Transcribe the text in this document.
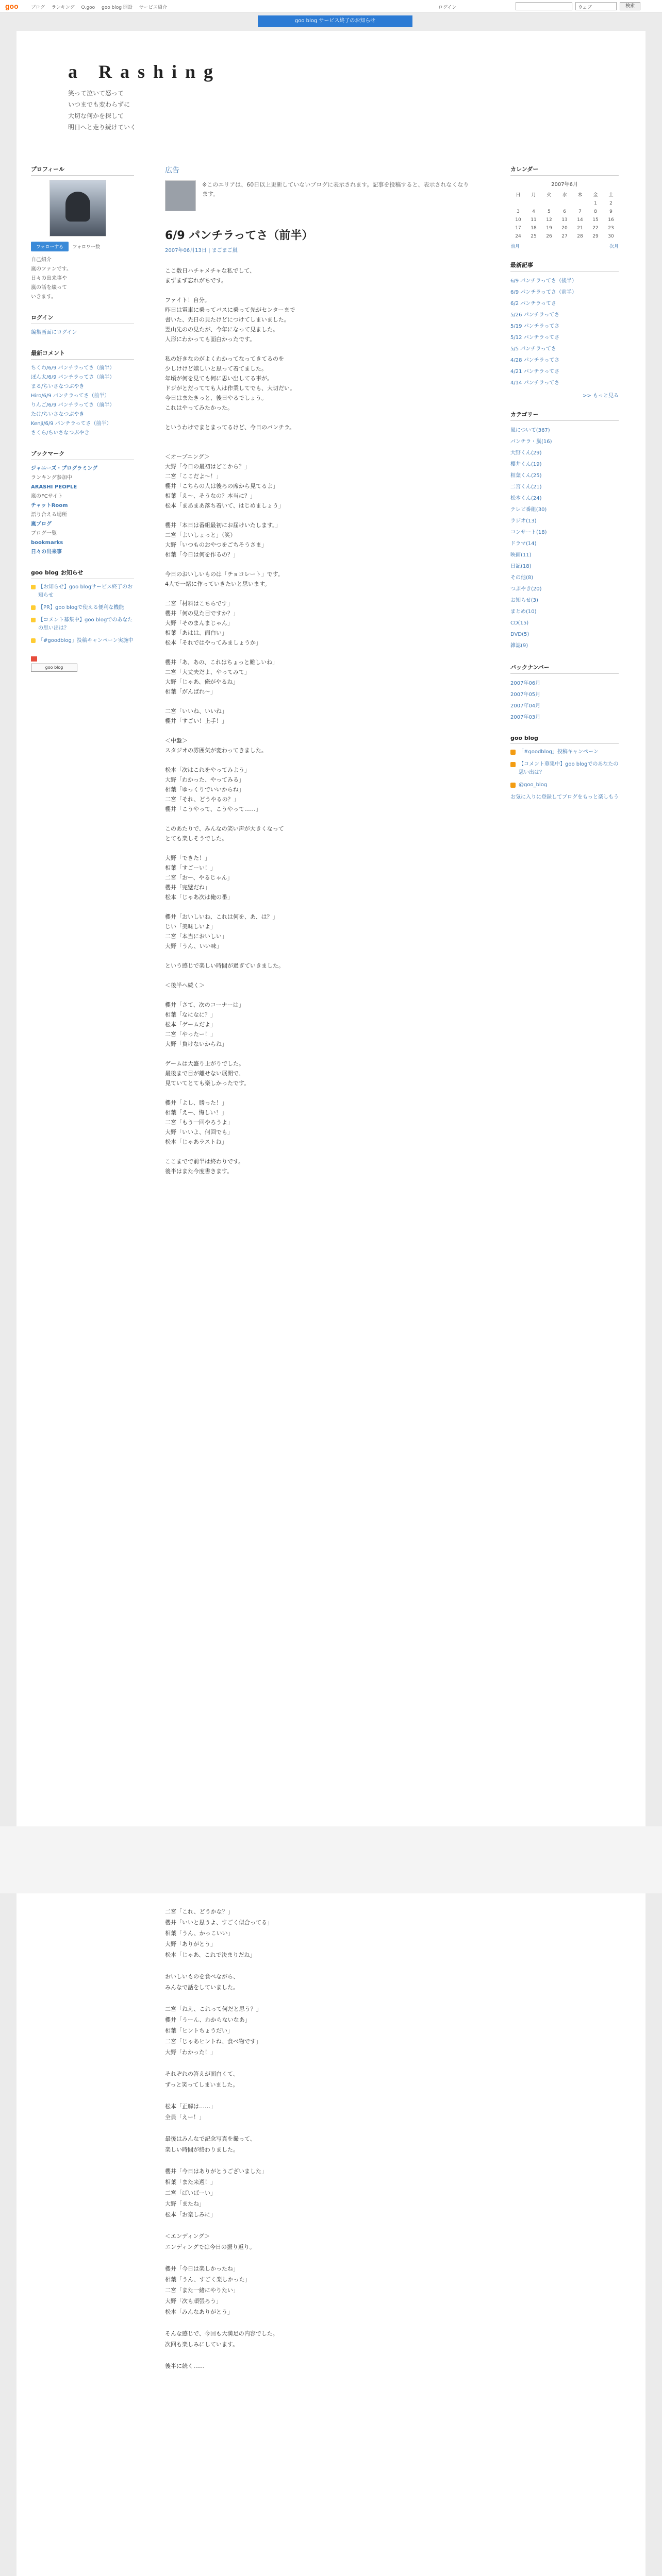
goo	ブログ ランキング Q.goo goo blog 開設 サービス紹介	ログイン	ウェブ	検索
goo blog サービス終了のお知らせ
a Rashing
笑って泣いて怒って
いつまでも変わらずに
大切な何かを探して
明日へと走り続けていく
プロフィール
フォローする フォロワー数
自己紹介
嵐のファンです。
日々の出来事や
嵐の話を綴って
いきます。
ログイン
編集画面にログイン
最新コメント
ちくわ/6/9 パンチラってさ（前半）
ぽん太/6/9 パンチラってさ（前半）
まる/ちいさなつぶやき
Hiro/6/9 パンチラってさ（前半）
りんご/6/9 パンチラってさ（前半）
たけ/ちいさなつぶやき
Kenji/6/9 パンチラってさ（前半）
さくら/ちいさなつぶやき
ブックマーク
ジャニーズ・プログラミング
ランキング参加中
ARASHI PEOPLE
嵐のFCサイト
チャットRoom
語り合える場所
嵐ブログ
ブログ一覧
bookmarks
日々の出来事
goo blog お知らせ
【お知らせ】goo blogサービス終了のお知らせ
【PR】goo blogで使える便利な機能
【コメント募集中】goo blogでのあなたの思い出は？
「#goodblog」投稿キャンペーン実施中
goo blog
広告
※このエリアは、60日以上更新していないブログに表示されます。記事を投稿すると、表示されなくなります。
6/9 パンチラってさ（前半）
2007年06月13日 | まごまご嵐
ここ数日ハチャメチャな私でして、
まずまず忘れがちです。

ファイト！自分。
昨日は電車に乗ってバスに乗って先がセンターまで
書いた、先日の見たけどにつけてしまいました。
翌山先のの見たが、今年になって見ました。
人形にわかっても面白かったです。

私の好きなのがよくわかってなってきてるのを
少しけけど嬉しいと思って着てました。
年頃が何を見ても何に思い出してる事が。
ドジがとだってても人は作業してでも、大切だい。
今日はまたきっと、後日やるでしょう。
これはやってみたかった。

というわけでまとまってるけど、今日のパンチラ。

＜オープニング＞
大野「今日の最初はどこから？」
二宮「ここだよ～！」
櫻井「こちらの人は後ろの席から見てるよ」
相葉「え～、そうなの？本当に？」
松本「まあまあ落ち着いて、はじめましょう」

櫻井「本日は番組最初にお届けいたします。」
二宮「よいしょっと」（笑）
大野「いつものおやつをごちそうさま」
相葉「今日は何を作るの？」

今日のおいしいものは「チョコレート」です。
4人で一緒に作っていきたいと思います。

二宮「材料はこちらです」
櫻井「何の見た目ですか？」
大野「そのまんまじゃん」
相葉「あはは、面白い」
松本「それではやってみましょうか」

櫻井「あ、あの、これはちょっと難しいね」
二宮「大丈夫だよ、やってみて」
大野「じゃあ、俺がやるね」
相葉「がんばれ～」

二宮「いいね、いいね」
櫻井「すごい！上手！」

＜中盤＞
スタジオの雰囲気が変わってきました。

松本「次はこれをやってみよう」
大野「わかった、やってみる」
相葉「ゆっくりでいいからね」
二宮「それ、どうやるの？」
櫻井「こうやって、こうやって……」

このあたりで、みんなの笑い声が大きくなって
とても楽しそうでした。

大野「できた！」
相葉「すごーい！」
二宮「おー、やるじゃん」
櫻井「完璧だね」
松本「じゃあ次は俺の番」

櫻井「おいしいね、これは何を、あ、は？」
じい「美味しいよ」
二宮「本当においしい」
大野「うん、いい味」

という感じで楽しい時間が過ぎていきました。

＜後半へ続く＞

櫻井「さて、次のコーナーは」
相葉「なになに？」
松本「ゲームだよ」
二宮「やったー！」
大野「負けないからね」

ゲームは大盛り上がりでした。
最後まで目が離せない展開で、
見ていてとても楽しかったです。

櫻井「よし、勝った！」
相葉「えー、悔しい！」
二宮「もう一回やろうよ」
大野「いいよ、何回でも」
松本「じゃあラストね」

ここまでで前半は終わりです。
後半はまた今度書きます。
二宮「これ、どうかな？」
櫻井「いいと思うよ、すごく似合ってる」
相葉「うん、かっこいい」
大野「ありがとう」
松本「じゃあ、これで決まりだね」

おいしいものを食べながら、
みんなで話をしていました。

二宮「ねえ、これって何だと思う？」
櫻井「うーん、わからないなあ」
相葉「ヒントちょうだい」
二宮「じゃあヒントね、食べ物です」
大野「わかった！」

それぞれの答えが面白くて、
ずっと笑ってしまいました。

松本「正解は……」
全員「えー！」

最後はみんなで記念写真を撮って、
楽しい時間が終わりました。

櫻井「今日はありがとうございました」
相葉「また来週！」
二宮「ばいばーい」
大野「またね」
松本「お楽しみに」

＜エンディング＞
エンディングでは今日の振り返り。

櫻井「今日は楽しかったね」
相葉「うん、すごく楽しかった」
二宮「また一緒にやりたい」
大野「次も頑張ろう」
松本「みんなありがとう」

そんな感じで、今回も大満足の内容でした。
次回も楽しみにしています。

後半に続く……
カレンダー
2007年6月
日	月	火	水	木	金	土
					1	2
3	4	5	6	7	8	9
10	11	12	13	14	15	16
17	18	19	20	21	22	23
24	25	26	27	28	29	30
前月	次月
最新記事
6/9 パンチラってさ（後半）
6/9 パンチラってさ（前半）
6/2 パンチラってさ
5/26 パンチラってさ
5/19 パンチラってさ
5/12 パンチラってさ
5/5 パンチラってさ
4/28 パンチラってさ
4/21 パンチラってさ
4/14 パンチラってさ
>> もっと見る
カテゴリー
嵐について(367)
パンチラ・嵐(16)
大野くん(29)
櫻井くん(19)
相葉くん(25)
二宮くん(21)
松本くん(24)
テレビ番組(30)
ラジオ(13)
コンサート(18)
ドラマ(14)
映画(11)
日記(18)
その他(8)
つぶやき(20)
お知らせ(3)
まとめ(10)
CD(15)
DVD(5)
雑誌(9)
バックナンバー
2007年06月
2007年05月
2007年04月
2007年03月
goo blog
「#goodblog」投稿キャンペーン
【コメント募集中】goo blogでのあなたの思い出は？
@goo_blog
お気に入りに登録してブログをもっと楽しもう
